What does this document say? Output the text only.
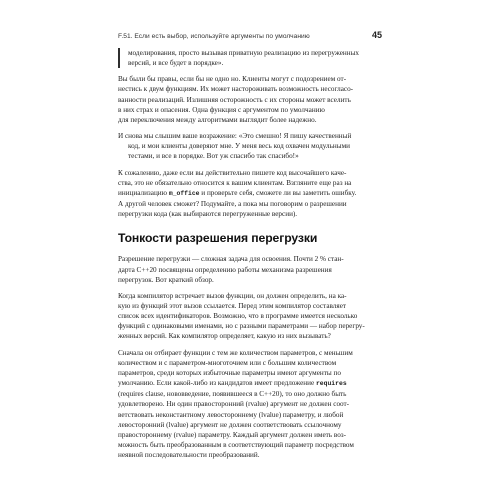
F.51. Если есть выбор, используйте аргументы по умолчанию	45

моделирования, просто вызывая приватную реализацию из перегруженных

версий, и все будет в порядке».

Вы были бы правы, если бы не одно но. Клиенты могут с подозрением от-

нестись к двум функциям. Их может настороживать возможность несогласо-

ванности реализаций. Излишняя осторожность с их стороны может вселить

в них страх и опасения. Одна функция с аргументом по умолчанию

для переключения между алгоритмами выглядит более надежно.

И снова мы слышим ваше возражение: «Это смешно! Я пишу качественный

код, и мои клиенты доверяют мне. У меня весь код охвачен модульными

тестами, и все в порядке. Вот уж спасибо так спасибо!»

К сожалению, даже если вы действительно пишете код высочайшего каче-

ства, это не обязательно относится к вашим клиентам. Взгляните еще раз на

инициализацию m_office и проверьте себя, сможете ли вы заметить ошибку.

А другой человек сможет? Подумайте, а пока мы поговорим о разрешении

перегрузки кода (как выбираются перегруженные версии).

Тонкости разрешения перегрузки

Разрешение перегрузки — сложная задача для освоения. Почти 2 % стан-

дарта C++20 посвящены определению работы механизма разрешения

перегрузок. Вот краткий обзор.

Когда компилятор встречает вызов функции, он должен определить, на ка-

кую из функций этот вызов ссылается. Перед этим компилятор составляет

список всех идентификаторов. Возможно, что в программе имеется несколько

функций с одинаковыми именами, но с разными параметрами — набор перегру-

женных версий. Как компилятор определяет, какую из них вызывать?

Сначала он отбирает функции с тем же количеством параметров, с меньшим

количеством и с параметром-многоточием или с большим количеством

параметров, среди которых избыточные параметры имеют аргументы по

умолчанию. Если какой-либо из кандидатов имеет предложение requires

(requires clause, нововведение, появившееся в C++20), то оно должно быть

удовлетворено. Ни один правосторонний (rvalue) аргумент не должен соот-

ветствовать неконстантному левостороннему (lvalue) параметру, и любой

левосторонний (lvalue) аргумент не должен соответствовать ссылочному

правостороннему (rvalue) параметру. Каждый аргумент должен иметь воз-

можность быть преобразованным в соответствующий параметр посредством

неявной последовательности преобразований.
